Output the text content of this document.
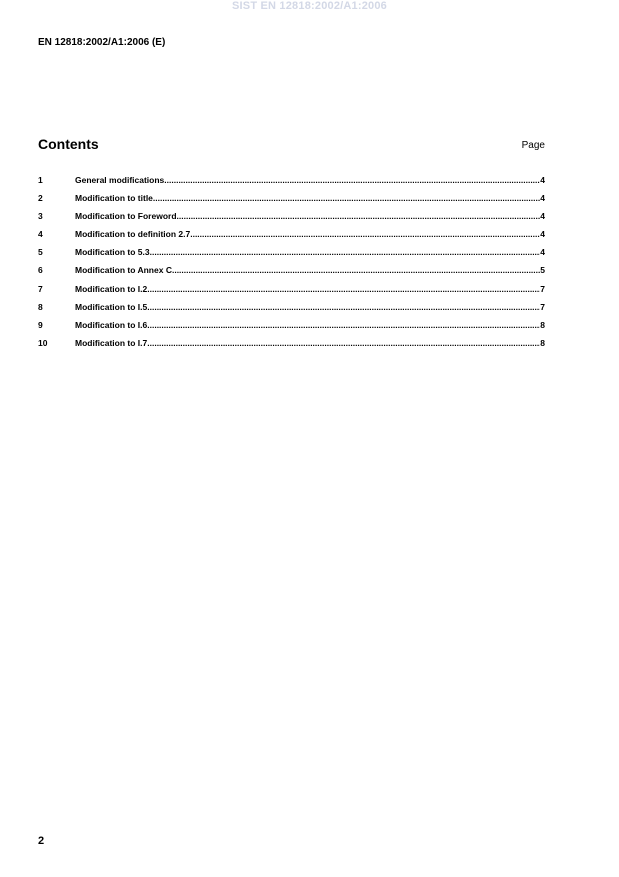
SIST EN 12818:2002/A1:2006
EN 12818:2002/A1:2006 (E)
Contents	Page
1	General modifications .....	4
2	Modification to title .....	4
3	Modification to Foreword .....	4
4	Modification to definition 2.7 .....	4
5	Modification to 5.3 .....	4
6	Modification to Annex C .....	5
7	Modification to I.2 .....	7
8	Modification to I.5 .....	7
9	Modification to I.6 .....	8
10	Modification to I.7 .....	8
2
